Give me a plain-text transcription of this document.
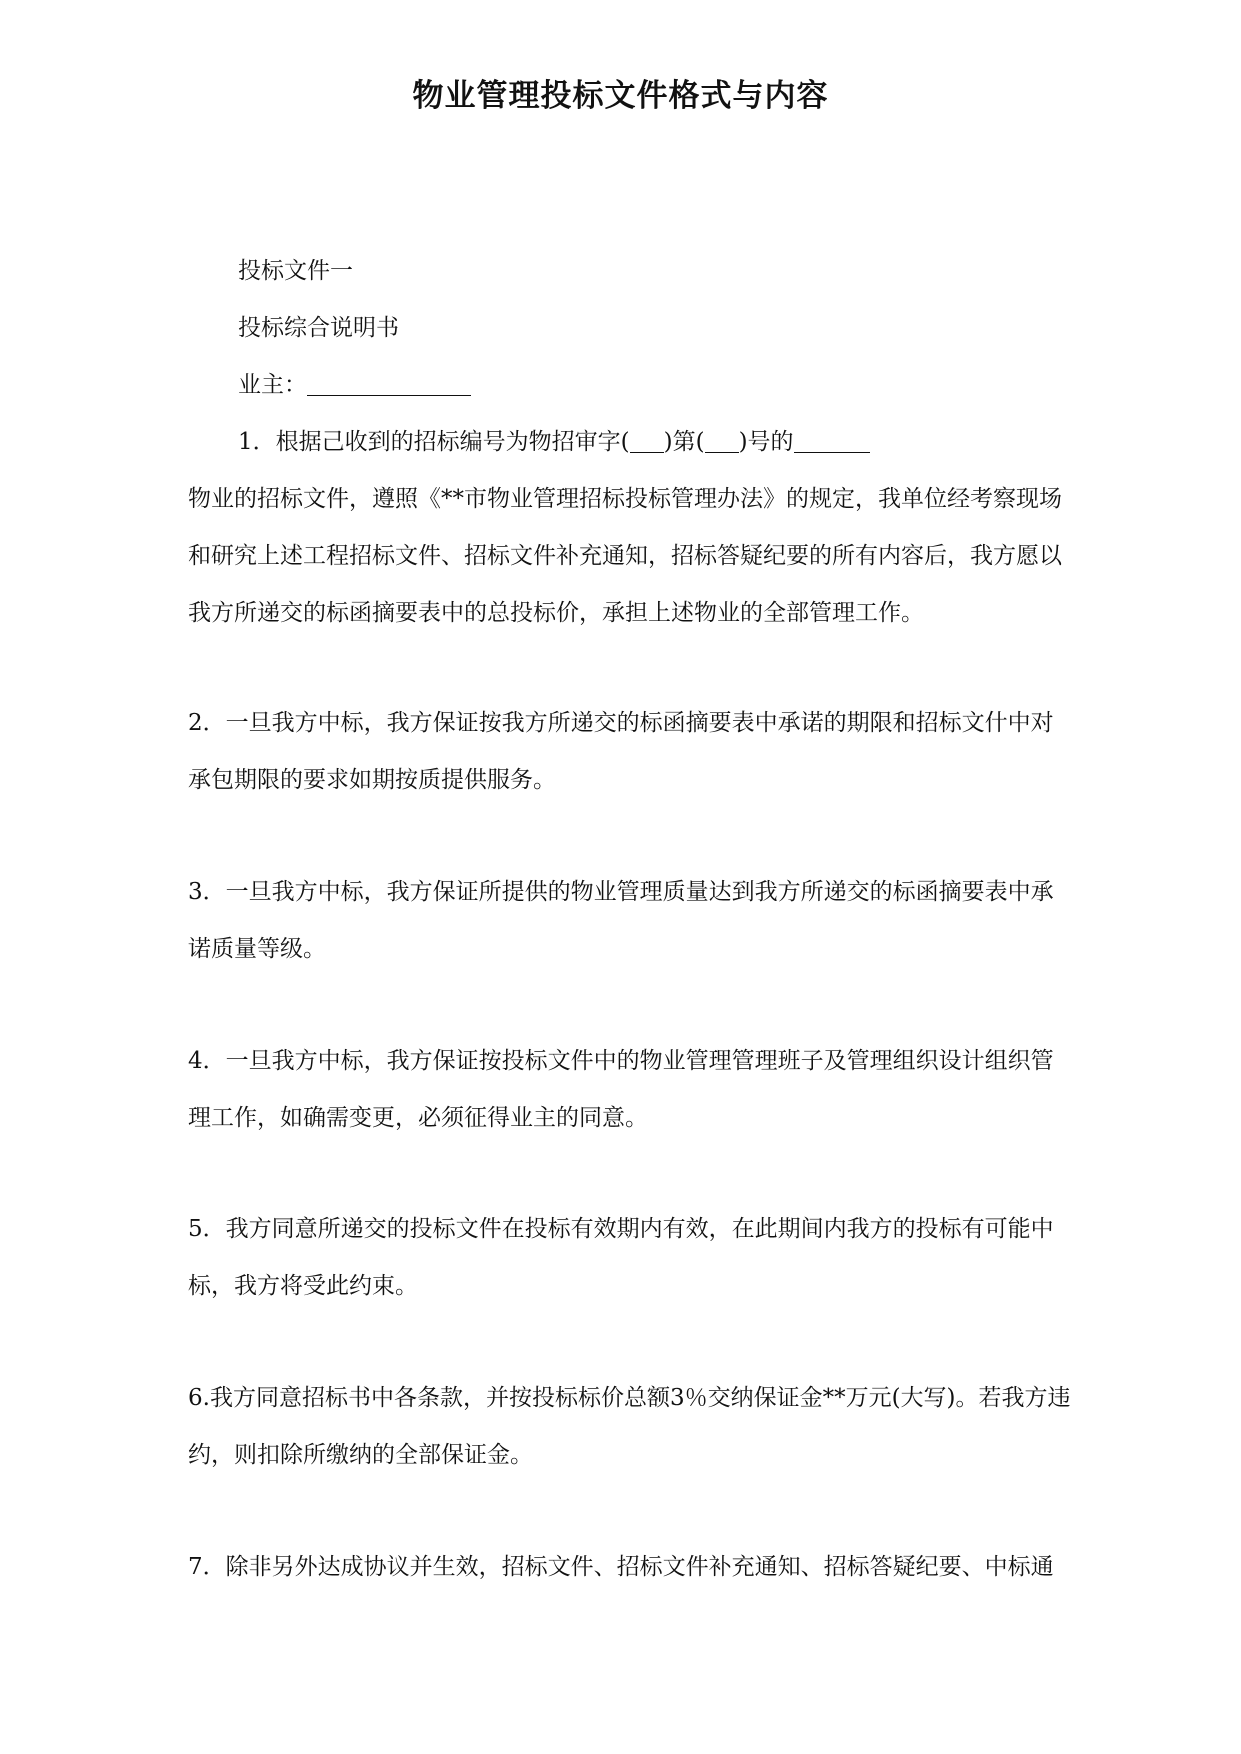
物业管理投标文件格式与内容
投标文件一
投标综合说明书
业主：
1．根据己收到的招标编号为物招审字( )第( )号的
物业的招标文件，遵照《**市物业管理招标投标管理办法》的规定，我单位经考察现场
和研究上述工程招标文件、招标文件补充通知，招标答疑纪要的所有内容后，我方愿以
我方所递交的标函摘要表中的总投标价，承担上述物业的全部管理工作。
2．一旦我方中标，我方保证按我方所递交的标函摘要表中承诺的期限和招标文什中对
承包期限的要求如期按质提供服务。
3．一旦我方中标，我方保证所提供的物业管理质量达到我方所递交的标函摘要表中承
诺质量等级。
4．一旦我方中标，我方保证按投标文件中的物业管理管理班子及管理组织设计组织管
理工作，如确需变更，必须征得业主的同意。
5．我方同意所递交的投标文件在投标有效期内有效，在此期间内我方的投标有可能中
标，我方将受此约束。
6.我方同意招标书中各条款，并按投标标价总额3％交纳保证金**万元(大写)。若我方违
约，则扣除所缴纳的全部保证金。
7．除非另外达成协议并生效，招标文件、招标文件补充通知、招标答疑纪要、中标通
